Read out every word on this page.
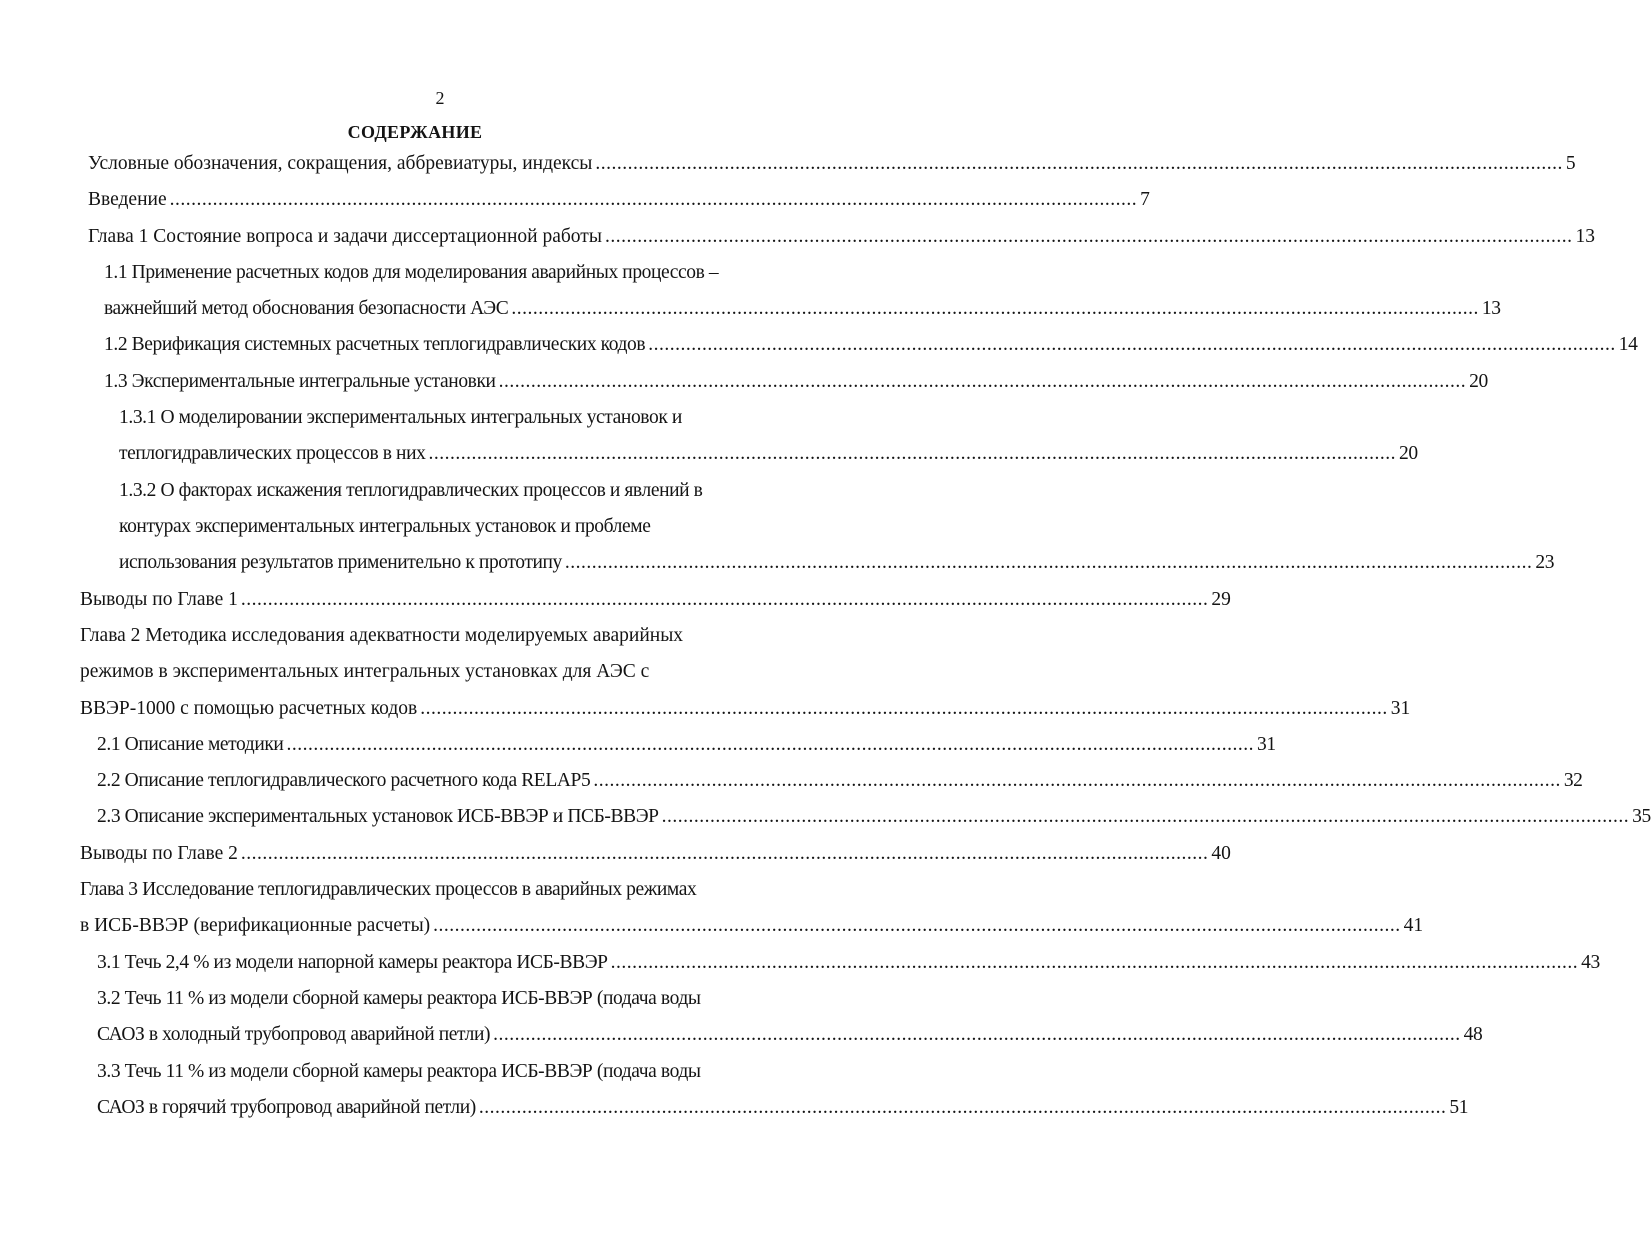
2
СОДЕРЖАНИЕ
Условные обозначения, сокращения, аббревиатуры, индексы .................................................................................................................................................................................... 5
Введение .................................................................................................................................................................................... 7
Глава 1 Состояние вопроса и задачи диссертационной работы .................................................................................................................................................................................... 13
1.1 Применение расчетных кодов для моделирования аварийных процессов –
важнейший метод обоснования безопасности АЭС .................................................................................................................................................................................... 13
1.2 Верификация системных расчетных теплогидравлических кодов .................................................................................................................................................................................... 14
1.3 Экспериментальные интегральные установки .................................................................................................................................................................................... 20
1.3.1 О моделировании экспериментальных интегральных установок и
теплогидравлических процессов в них .................................................................................................................................................................................... 20
1.3.2 О факторах искажения теплогидравлических процессов и явлений в
контурах экспериментальных интегральных установок и проблеме
использования результатов применительно к прототипу .................................................................................................................................................................................... 23
Выводы по Главе 1 .................................................................................................................................................................................... 29
Глава 2 Методика исследования адекватности моделируемых аварийных
режимов в экспериментальных интегральных установках для АЭС с
ВВЭР-1000 с помощью расчетных кодов .................................................................................................................................................................................... 31
2.1 Описание методики .................................................................................................................................................................................... 31
2.2 Описание теплогидравлического расчетного кода RELAP5 .................................................................................................................................................................................... 32
2.3 Описание экспериментальных установок ИСБ-ВВЭР и ПСБ-ВВЭР .................................................................................................................................................................................... 35
Выводы по Главе 2 .................................................................................................................................................................................... 40
Глава 3 Исследование теплогидравлических процессов в аварийных режимах
в ИСБ-ВВЭР (верификационные расчеты) .................................................................................................................................................................................... 41
3.1 Течь 2,4 % из модели напорной камеры реактора ИСБ-ВВЭР .................................................................................................................................................................................... 43
3.2 Течь 11 % из модели сборной камеры реактора ИСБ-ВВЭР (подача воды
САОЗ в холодный трубопровод аварийной петли) .................................................................................................................................................................................... 48
3.3 Течь 11 % из модели сборной камеры реактора ИСБ-ВВЭР (подача воды
САОЗ в горячий трубопровод аварийной петли) .................................................................................................................................................................................... 51
